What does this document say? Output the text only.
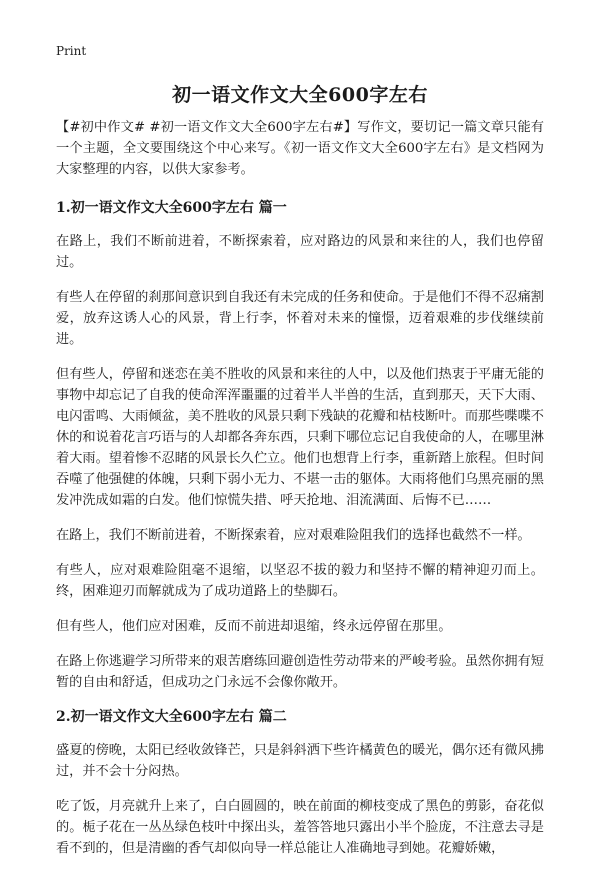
Print
初一语文作文大全600字左右

【#初中作文# #初一语文作文大全600字左右#】写作文，要切记一篇文章只能有一个主题，全文要围绕这个中心来写。《初一语文作文大全600字左右》是文档网为大家整理的内容，以供大家参考。

1.初一语文作文大全600字左右 篇一

在路上，我们不断前进着，不断探索着，应对路边的风景和来往的人，我们也停留过。

有些人在停留的刹那间意识到自我还有未完成的任务和使命。于是他们不得不忍痛割爱，放弃这诱人心的风景，背上行李，怀着对未来的憧憬，迈着艰难的步伐继续前进。

但有些人，停留和迷恋在美不胜收的风景和来往的人中，以及他们热衷于平庸无能的事物中却忘记了自我的使命浑浑噩噩的过着半人半兽的生活，直到那天，天下大雨、电闪雷鸣、大雨倾盆，美不胜收的风景只剩下残缺的花瓣和枯枝断叶。而那些喋喋不休的和说着花言巧语与的人却都各奔东西，只剩下哪位忘记自我使命的人，在哪里淋着大雨。望着惨不忍睹的风景长久伫立。他们也想背上行李，重新踏上旅程。但时间吞噬了他强健的体魄，只剩下弱小无力、不堪一击的躯体。大雨将他们乌黑亮丽的黑发冲洗成如霜的白发。他们惊慌失措、呼天抢地、泪流满面、后悔不已……

在路上，我们不断前进着，不断探索着，应对艰难险阻我们的选择也截然不一样。

有些人，应对艰难险阻毫不退缩，以坚忍不拔的毅力和坚持不懈的精神迎刃而上。终，困难迎刃而解就成为了成功道路上的垫脚石。

但有些人，他们应对困难，反而不前进却退缩，终永远停留在那里。

在路上你逃避学习所带来的艰苦磨练回避创造性劳动带来的严峻考验。虽然你拥有短暂的自由和舒适，但成功之门永远不会像你敞开。

2.初一语文作文大全600字左右 篇二

盛夏的傍晚，太阳已经收敛锋芒，只是斜斜洒下些许橘黄色的暖光，偶尔还有微风拂过，并不会十分闷热。

吃了饭，月亮就升上来了，白白圆圆的，映在前面的柳枝变成了黑色的剪影，奋花似的。栀子花在一丛丛绿色枝叶中探出头，羞答答地只露出小半个脸庞，不注意去寻是看不到的，但是清幽的香气却似向导一样总能让人准确地寻到她。花瓣娇嫩，
